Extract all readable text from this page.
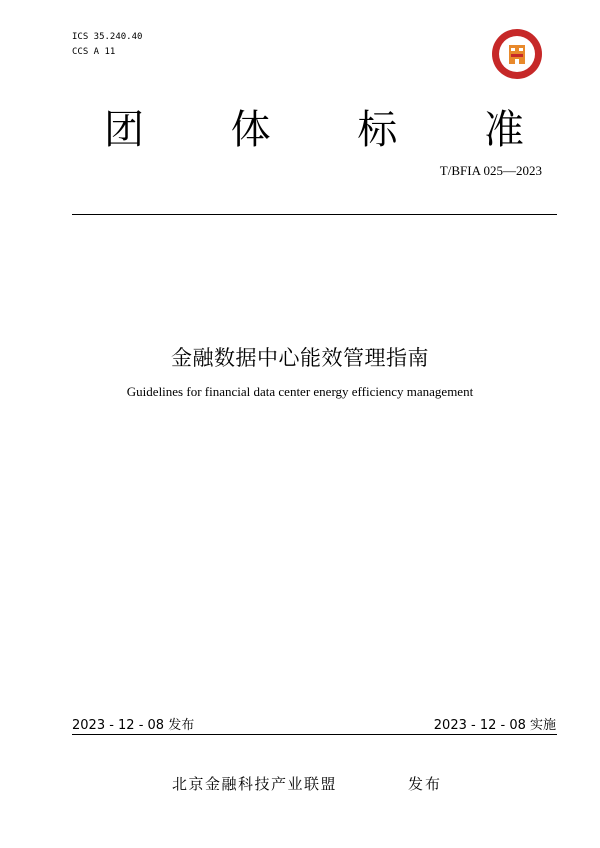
ICS 35.240.40
CCS A 11
团 体 标 准
T/BFIA 025—2023
金融数据中心能效管理指南
Guidelines for financial data center energy efficiency management
2023 - 12 - 08 发布	2023 - 12 - 08 实施
北京金融科技产业联盟	发布
